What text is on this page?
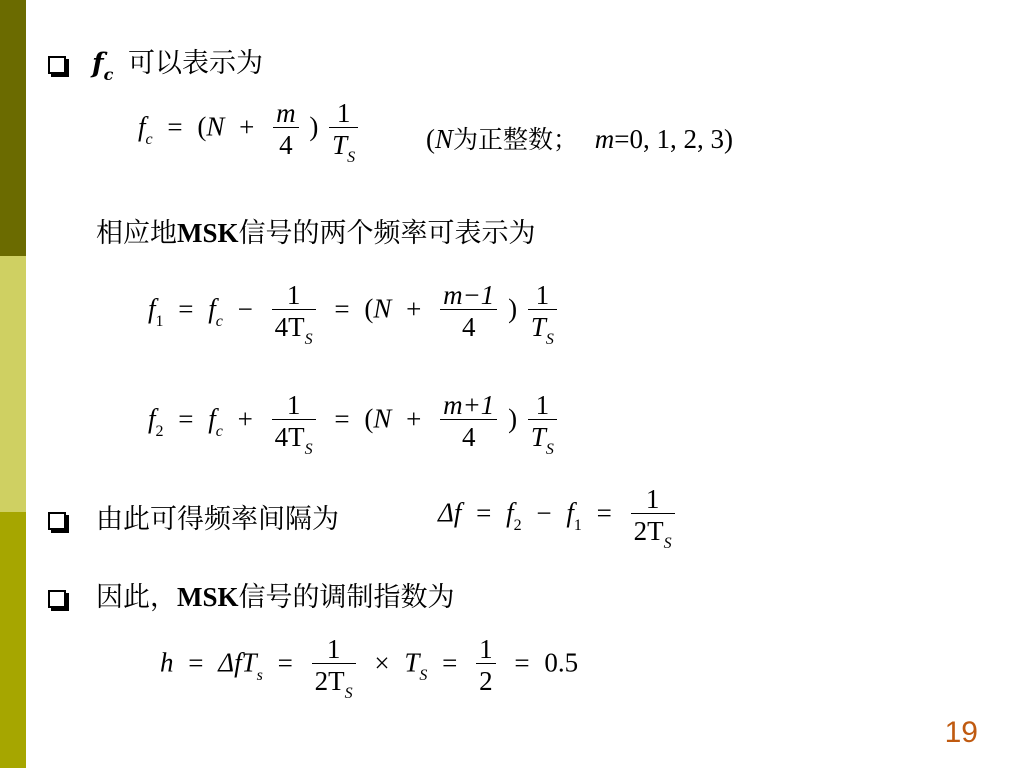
$f_c$ 可以表示为
$f_c = (N + \frac{m}{4}$ ) $\frac{1}{T_S}$	(N为正整数； m=0, 1, 2, 3)
相应地MSK信号的两个频率可表示为
$f_1 = f_c - \frac{1}{4T_S} = (N + \frac{m-1}{4}$ ) $\frac{1}{T_S}$
$f_2 = f_c + \frac{1}{4T_S} = (N + \frac{m+1}{4}$ ) $\frac{1}{T_S}$
由此可得频率间隔为	$\Delta f = f_2 - f_1 = \frac{1}{2T_S}$
因此，MSK信号的调制指数为
$h = \Delta fT_s = \frac{1}{2T_S} \times T_S = \frac{1}{2} = 0.5$
19
